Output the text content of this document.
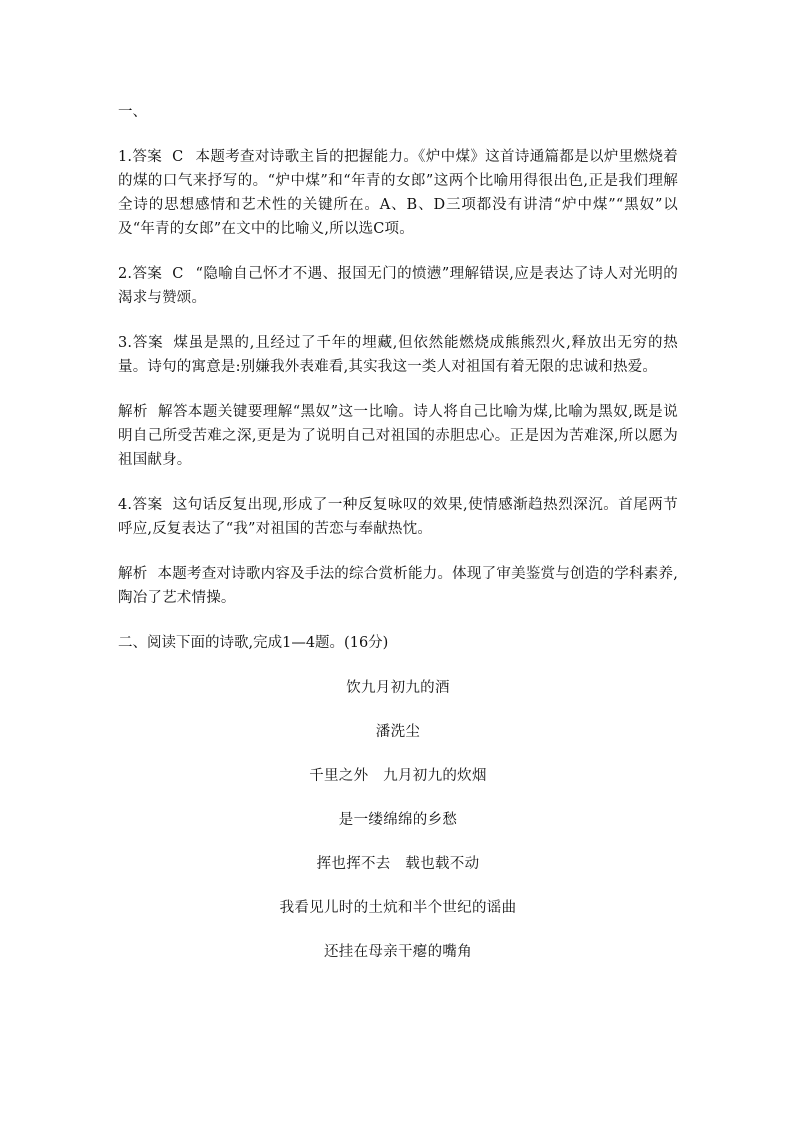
一、

1.答案 C 本题考查对诗歌主旨的把握能力。《炉中煤》这首诗通篇都是以炉里燃烧着的煤的口气来抒写的。“炉中煤”和“年青的女郎”这两个比喻用得很出色,正是我们理解全诗的思想感情和艺术性的关键所在。A、B、D三项都没有讲清“炉中煤”“黑奴”以及“年青的女郎”在文中的比喻义,所以选C项。

2.答案 C “隐喻自己怀才不遇、报国无门的愤懑”理解错误,应是表达了诗人对光明的渴求与赞颂。

3.答案 煤虽是黑的,且经过了千年的埋藏,但依然能燃烧成熊熊烈火,释放出无穷的热量。诗句的寓意是:别嫌我外表难看,其实我这一类人对祖国有着无限的忠诚和热爱。

解析 解答本题关键要理解“黑奴”这一比喻。诗人将自己比喻为煤,比喻为黑奴,既是说明自己所受苦难之深,更是为了说明自己对祖国的赤胆忠心。正是因为苦难深,所以愿为祖国献身。

4.答案 这句话反复出现,形成了一种反复咏叹的效果,使情感渐趋热烈深沉。首尾两节呼应,反复表达了“我”对祖国的苦恋与奉献热忱。

解析 本题考查对诗歌内容及手法的综合赏析能力。体现了审美鉴赏与创造的学科素养,陶冶了艺术情操。

二、阅读下面的诗歌,完成1—4题。(16分)
饮九月初九的酒
潘洗尘
千里之外　九月初九的炊烟
是一缕绵绵的乡愁
挥也挥不去　载也载不动
我看见儿时的土炕和半个世纪的谣曲
还挂在母亲干瘪的嘴角
